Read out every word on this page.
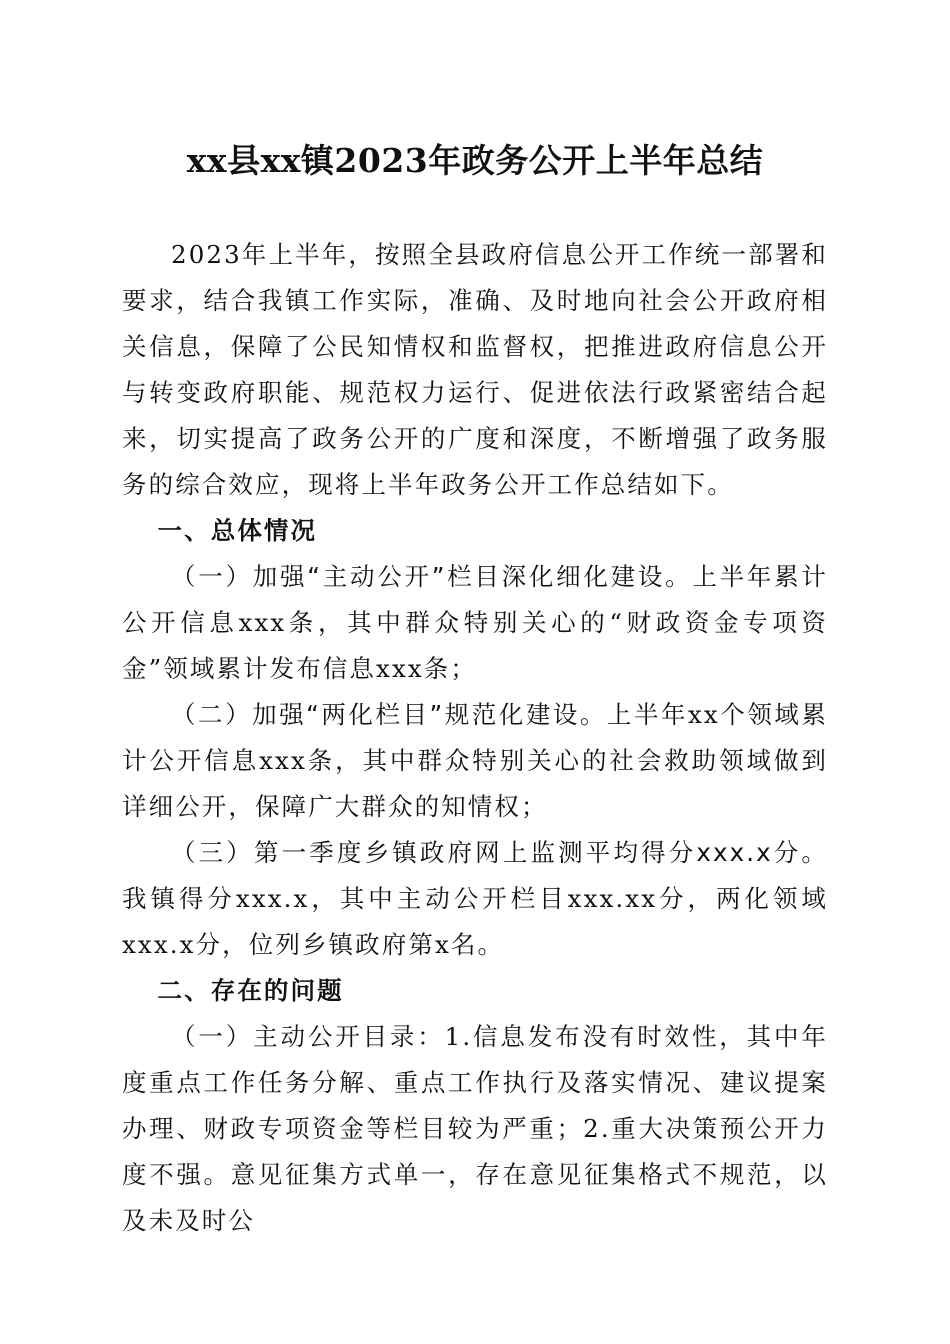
xx县xx镇2023年政务公开上半年总结

2023年上半年，按照全县政府信息公开工作统一部署和要求，结合我镇工作实际，准确、及时地向社会公开政府相关信息，保障了公民知情权和监督权，把推进政府信息公开与转变政府职能、规范权力运行、促进依法行政紧密结合起来，切实提高了政务公开的广度和深度，不断增强了政务服务的综合效应，现将上半年政务公开工作总结如下。

一、总体情况

（一）加强“主动公开”栏目深化细化建设。上半年累计公开信息xxx条，其中群众特别关心的“财政资金专项资金”领域累计发布信息xxx条；

（二）加强“两化栏目”规范化建设。上半年xx个领域累计公开信息xxx条，其中群众特别关心的社会救助领域做到详细公开，保障广大群众的知情权；

（三）第一季度乡镇政府网上监测平均得分xxx.x分。我镇得分xxx.x，其中主动公开栏目xxx.xx分，两化领域xxx.x分，位列乡镇政府第x名。

二、存在的问题

（一）主动公开目录：1.信息发布没有时效性，其中年度重点工作任务分解、重点工作执行及落实情况、建议提案办理、财政专项资金等栏目较为严重；2.重大决策预公开力度不强。意见征集方式单一，存在意见征集格式不规范，以及未及时公
